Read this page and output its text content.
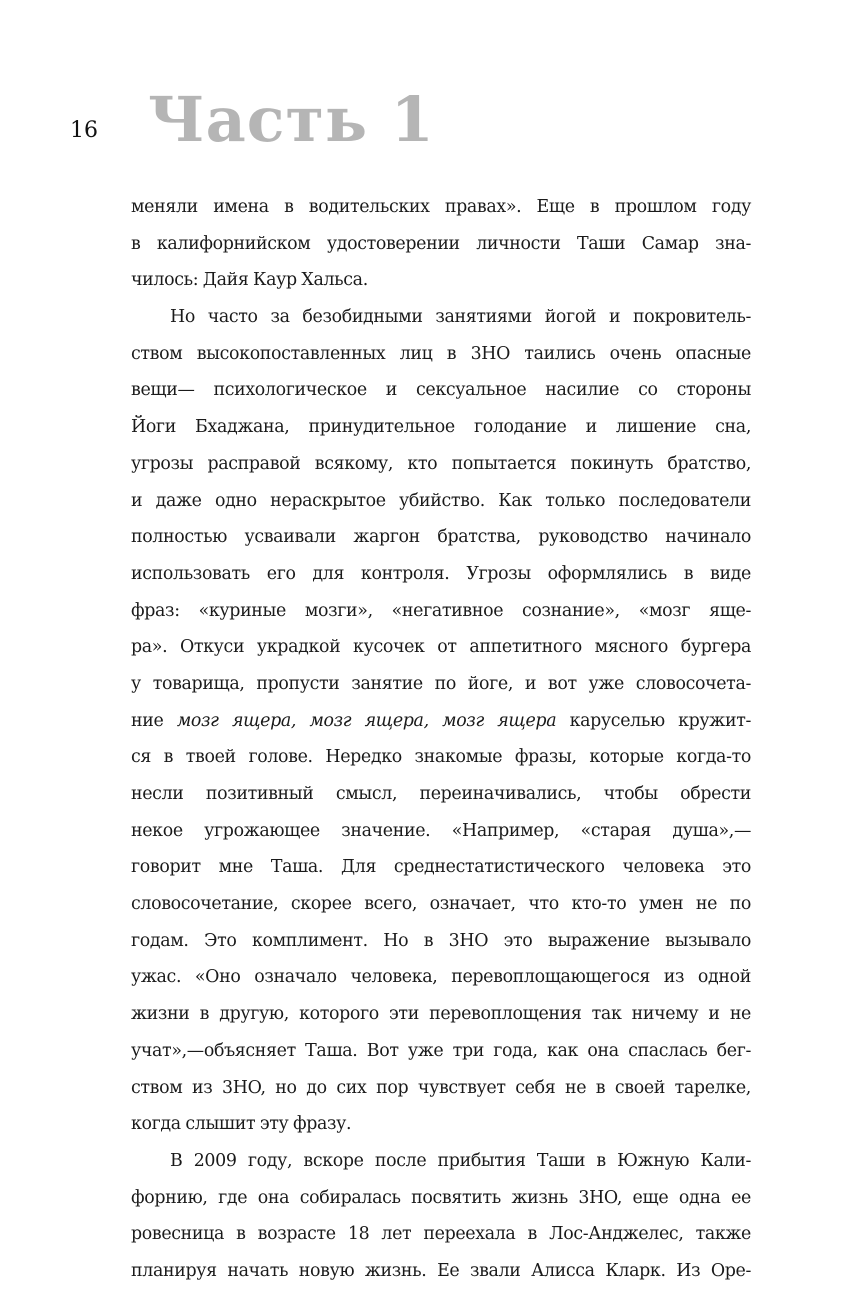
16 Часть 1
меняли имена в водительских правах». Еще в прошлом году
в калифорнийском удостоверении личности Таши Самар зна-
чилось: Дайя Каур Хальса.
Но часто за безобидными занятиями йогой и покровитель-
ством высокопоставленных лиц в 3HO таились очень опасные
вещи— психологическое и сексуальное насилие со стороны
Йоги Бхаджана, принудительное голодание и лишение сна,
угрозы расправой всякому, кто попытается покинуть братство,
и даже одно нераскрытое убийство. Как только последователи
полностью усваивали жаргон братства, руководство начинало
использовать его для контроля. Угрозы оформлялись в виде
фраз: «куриные мозги», «негативное сознание», «мозг яще-
ра». Откуси украдкой кусочек от аппетитного мясного бургера
у товарища, пропусти занятие по йоге, и вот уже словосочета-
ние мозг ящера, мозг ящера, мозг ящера каруселью кружит-
ся в твоей голове. Нередко знакомые фразы, которые когда-то
несли позитивный смысл, переиначивались, чтобы обрести
некое угрожающее значение. «Например, «старая душа»,—
говорит мне Таша. Для среднестатистического человека это
словосочетание, скорее всего, означает, что кто-то умен не по
годам. Это комплимент. Но в 3HO это выражение вызывало
ужас. «Оно означало человека, перевоплощающегося из одной
жизни в другую, которого эти перевоплощения так ничему и не
учат»,—объясняет Таша. Вот уже три года, как она спаслась бег-
ством из 3HO, но до сих пор чувствует себя не в своей тарелке,
когда слышит эту фразу.
В 2009 году, вскоре после прибытия Таши в Южную Кали-
форнию, где она собиралась посвятить жизнь 3HO, еще одна ее
ровесница в возрасте 18 лет переехала в Лос-Анджелес, также
планируя начать новую жизнь. Ее звали Алисса Кларк. Из Оре-
